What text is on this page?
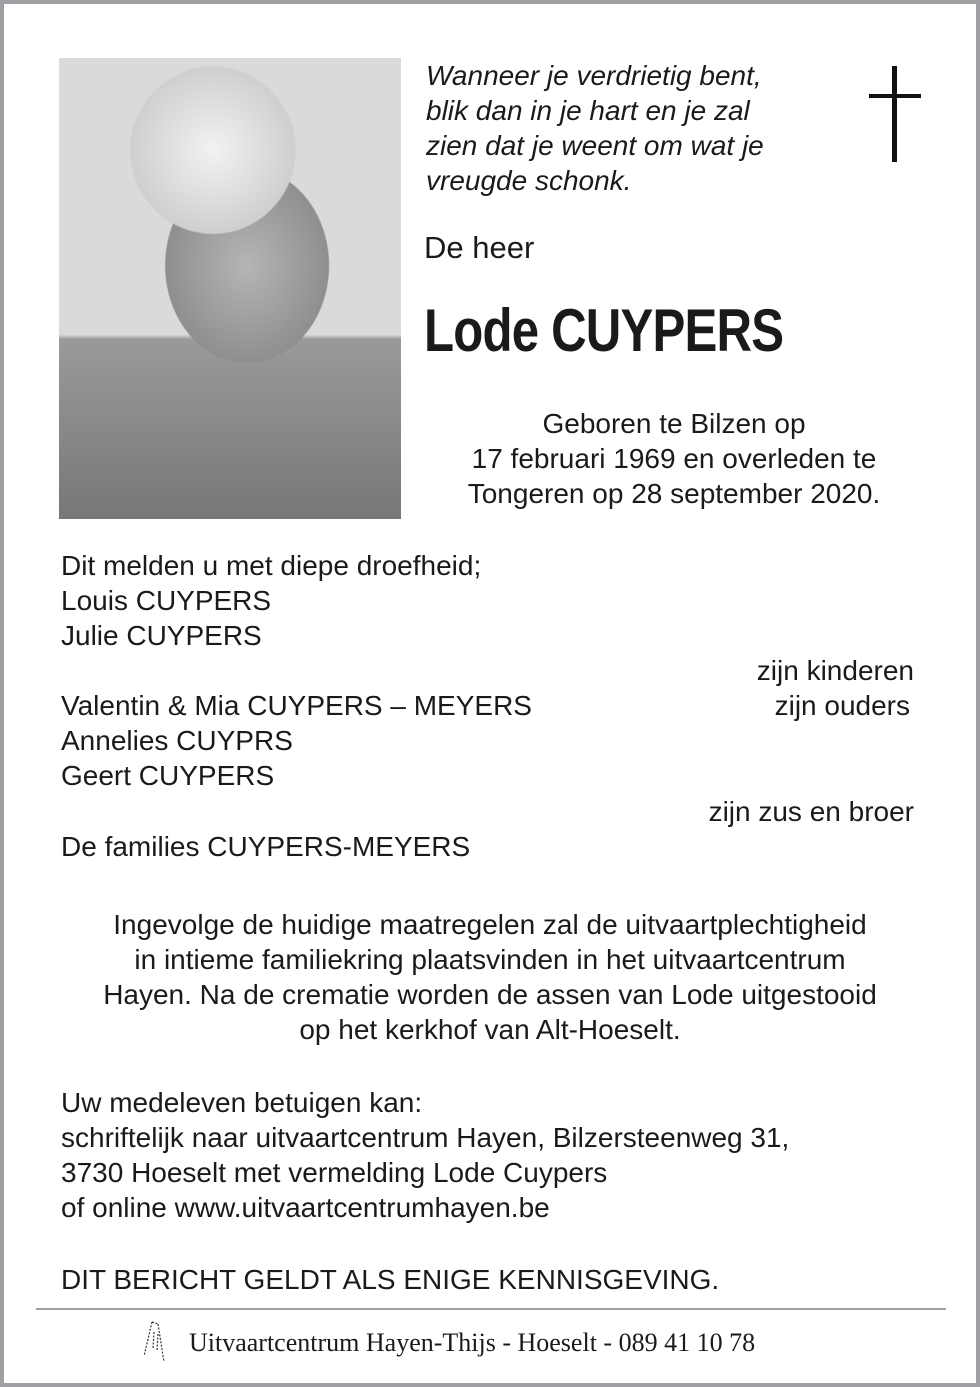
Wanneer je verdrietig bent,
blik dan in je hart en je zal
zien dat je weent om wat je
vreugde schonk.
De heer
Lode CUYPERS
Geboren te Bilzen op
17 februari 1969 en overleden te
Tongeren op 28 september 2020.
Dit melden u met diepe droefheid;
Louis CUYPERS
Julie CUYPERS
zijn kinderen
Valentin & Mia CUYPERS – MEYERS	zijn ouders
Annelies CUYPRS
Geert CUYPERS
zijn zus en broer
De families CUYPERS-MEYERS
Ingevolge de huidige maatregelen zal de uitvaartplechtigheid
in intieme familiekring plaatsvinden in het uitvaartcentrum
Hayen. Na de crematie worden de assen van Lode uitgestooid
op het kerkhof van Alt-Hoeselt.
Uw medeleven betuigen kan:
schriftelijk naar uitvaartcentrum Hayen, Bilzersteenweg 31,
3730 Hoeselt met vermelding Lode Cuypers
of online www.uitvaartcentrumhayen.be
DIT BERICHT GELDT ALS ENIGE KENNISGEVING.
Uitvaartcentrum Hayen-Thijs - Hoeselt - 089 41 10 78
